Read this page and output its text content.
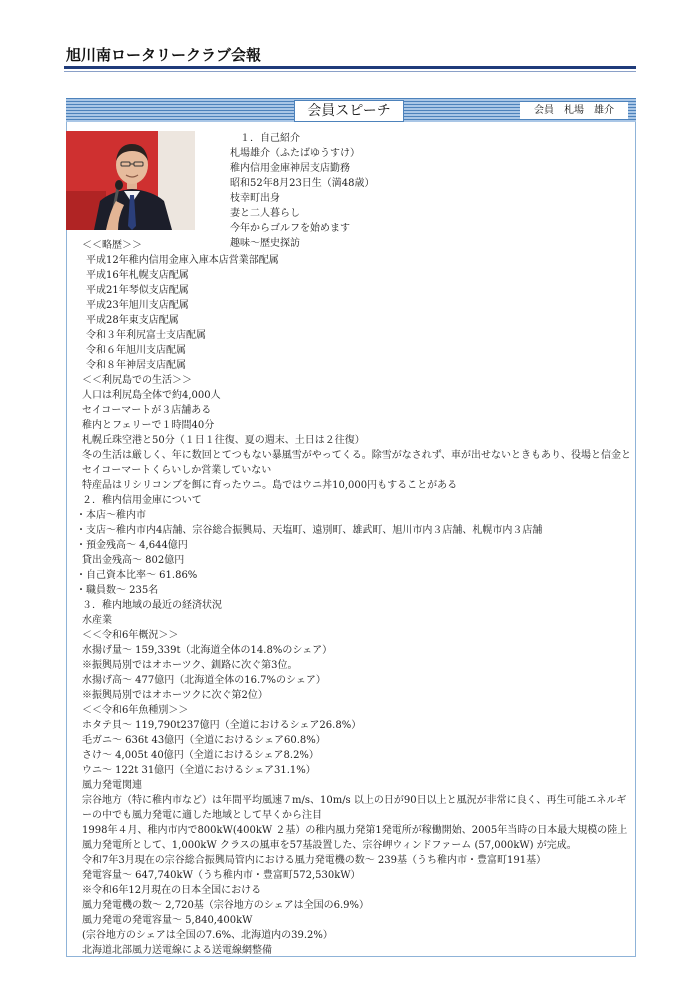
旭川南ロータリークラブ会報
会員スピーチ	会員　札場　雄介
１．自己紹介
札場雄介（ふたばゆうすけ）
稚内信用金庫神居支店勤務
昭和52年8月23日生（満48歳）
枝幸町出身
妻と二人暮らし
今年からゴルフを始めます
趣味～歴史探訪
＜＜略歴＞＞
平成12年稚内信用金庫入庫本店営業部配属
平成16年札幌支店配属
平成21年琴似支店配属
平成23年旭川支店配属
平成28年東支店配属
令和３年利尻富士支店配属
令和６年旭川支店配属
令和８年神居支店配属
＜＜利尻島での生活＞＞
人口は利尻島全体で約4,000人
セイコーマートが３店舗ある
稚内とフェリーで１時間40分
札幌丘珠空港と50分（１日１往復、夏の週末、土日は２往復）
冬の生活は厳しく、年に数回とてつもない暴風雪がやってくる。除雪がなされず、車が出せないときもあり、役場と信金とセイコーマートくらいしか営業していない
特産品はリシリコンブを餌に育ったウニ。島ではウニ丼10,000円もすることがある
２．稚内信用金庫について
・本店～稚内市
・支店～稚内市内4店舗、宗谷総合振興局、天塩町、遠別町、雄武町、旭川市内３店舗、札幌市内３店舗
・預金残高～ 4,644億円
貸出金残高～ 802億円
・自己資本比率～ 61.86%
・職員数～ 235名
３．稚内地域の最近の経済状況
水産業
＜＜令和6年概況＞＞
水揚げ量～ 159,339t（北海道全体の14.8%のシェア）
※振興局別ではオホーツク、釧路に次ぐ第3位。
水揚げ高～ 477億円（北海道全体の16.7%のシェア）
※振興局別ではオホーツクに次ぐ第2位）
＜＜令和6年魚種別＞＞
ホタテ貝～ 119,790t237億円（全道におけるシェア26.8%）
毛ガニ～ 636t 43億円（全道におけるシェア60.8%）
さけ～ 4,005t 40億円（全道におけるシェア8.2%）
ウニ～ 122t 31億円（全道におけるシェア31.1%）
風力発電関連
宗谷地方（特に稚内市など）は年間平均風速７m/s、10m/s 以上の日が90日以上と風況が非常に良く、再生可能エネルギーの中でも風力発電に適した地域として早くから注目
1998年４月、稚内市内で800kW(400kW ２基）の稚内風力発第1発電所が稼働開始、2005年当時の日本最大規模の陸上風力発電所として、1,000kW クラスの風車を57基設置した、宗谷岬ウィンドファーム (57,000kW) が完成。
令和7年3月現在の宗谷総合振興局管内における風力発電機の数～ 239基（うち稚内市・豊富町191基）
発電容量～ 647,740kW（うち稚内市・豊富町572,530kW）
※令和6年12月現在の日本全国における
風力発電機の数～ 2,720基（宗谷地方のシェアは全国の6.9%）
風力発電の発電容量～ 5,840,400kW
(宗谷地方のシェアは全国の7.6%、北海道内の39.2%）
北海道北部風力送電線による送電線網整備
